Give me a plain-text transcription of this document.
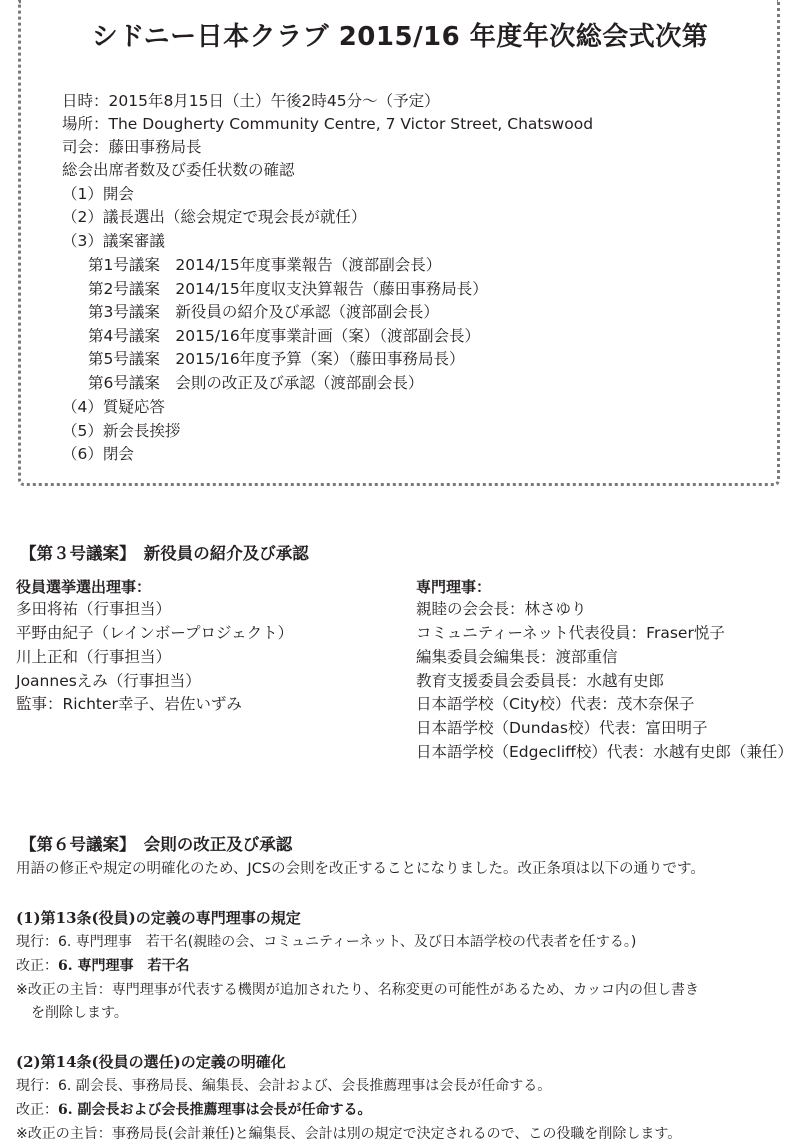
シドニー日本クラブ 2015/16 年度年次総会式次第
日時：2015年8月15日（土）午後2時45分～（予定）
場所：The Dougherty Community Centre, 7 Victor Street, Chatswood
司会：藤田事務局長
総会出席者数及び委任状数の確認
（1）開会
（2）議長選出（総会規定で現会長が就任）
（3）議案審議
第1号議案　2014/15年度事業報告（渡部副会長）
第2号議案　2014/15年度収支決算報告（藤田事務局長）
第3号議案　新役員の紹介及び承認（渡部副会長）
第4号議案　2015/16年度事業計画（案）（渡部副会長）
第5号議案　2015/16年度予算（案）（藤田事務局長）
第6号議案　会則の改正及び承認（渡部副会長）
（4）質疑応答
（5）新会長挨拶
（6）閉会
【第３号議案】　新役員の紹介及び承認
役員選挙選出理事：
多田将祐（行事担当）
平野由紀子（レインボープロジェクト）
川上正和（行事担当）
Joannesえみ（行事担当）
監事：Richter幸子、岩佐いずみ
専門理事：
親睦の会会長：林さゆり
コミュニティーネット代表役員：Fraser悦子
編集委員会編集長：渡部重信
教育支援委員会委員長：水越有史郎
日本語学校（City校）代表：茂木奈保子
日本語学校（Dundas校）代表：富田明子
日本語学校（Edgecliff校）代表：水越有史郎（兼任）
【第６号議案】　会則の改正及び承認
用語の修正や規定の明確化のため、JCSの会則を改正することになりました。改正条項は以下の通りです。
(1)第13条(役員)の定義の専門理事の規定
現行：6. 専門理事　若干名(親睦の会、コミュニティーネット、及び日本語学校の代表者を任する。)
改正：6. 専門理事　若干名
※改正の主旨：専門理事が代表する機関が追加されたり、名称変更の可能性があるため、カッコ内の但し書き
を削除します。
(2)第14条(役員の選任)の定義の明確化
現行：6. 副会長、事務局長、編集長、会計および、会長推薦理事は会長が任命する。
改正：6. 副会長および会長推薦理事は会長が任命する。
※改正の主旨：事務局長(会計兼任)と編集長、会計は別の規定で決定されるので、この役職を削除します。
